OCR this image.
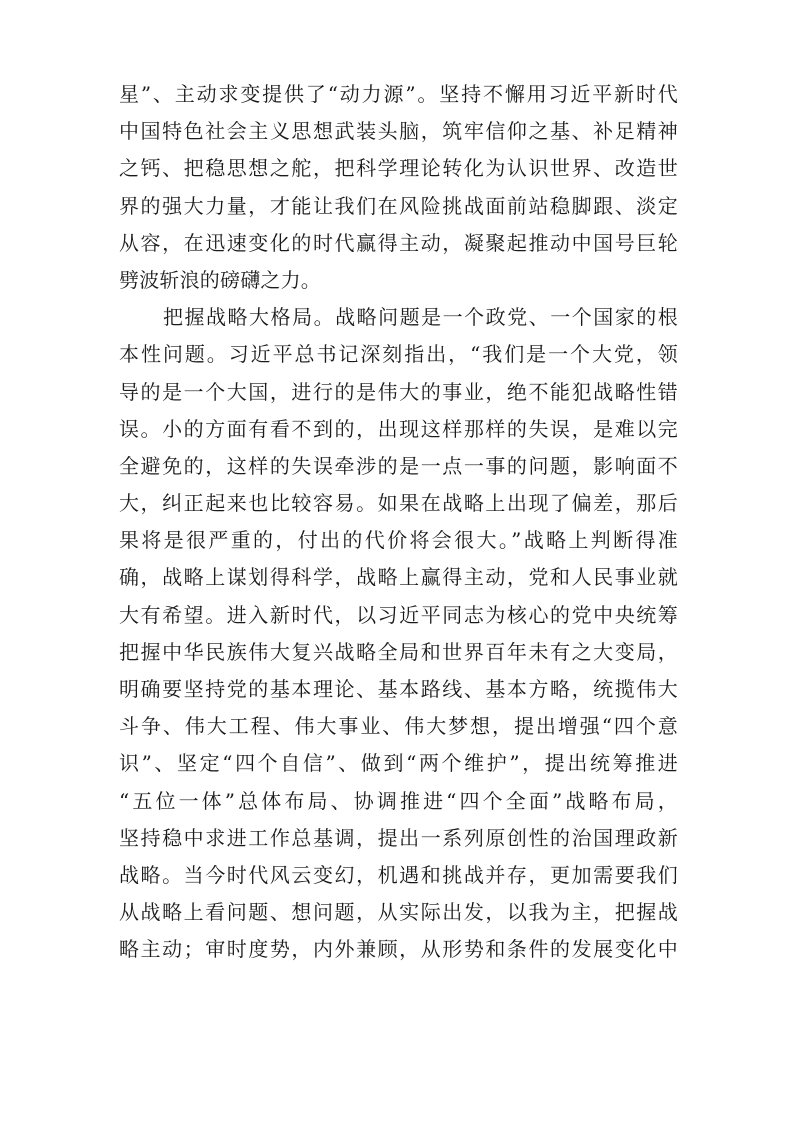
星”、主动求变提供了“动力源”。坚持不懈用习近平新时代
中国特色社会主义思想武装头脑，筑牢信仰之基、补足精神
之钙、把稳思想之舵，把科学理论转化为认识世界、改造世
界的强大力量，才能让我们在风险挑战面前站稳脚跟、淡定
从容，在迅速变化的时代赢得主动，凝聚起推动中国号巨轮
劈波斩浪的磅礴之力。
把握战略大格局。战略问题是一个政党、一个国家的根
本性问题。习近平总书记深刻指出，“我们是一个大党，领
导的是一个大国，进行的是伟大的事业，绝不能犯战略性错
误。小的方面有看不到的，出现这样那样的失误，是难以完
全避免的，这样的失误牵涉的是一点一事的问题，影响面不
大，纠正起来也比较容易。如果在战略上出现了偏差，那后
果将是很严重的，付出的代价将会很大。”战略上判断得准
确，战略上谋划得科学，战略上赢得主动，党和人民事业就
大有希望。进入新时代，以习近平同志为核心的党中央统筹
把握中华民族伟大复兴战略全局和世界百年未有之大变局，
明确要坚持党的基本理论、基本路线、基本方略，统揽伟大
斗争、伟大工程、伟大事业、伟大梦想，提出增强“四个意
识”、坚定“四个自信”、做到“两个维护”，提出统筹推进
“五位一体”总体布局、协调推进“四个全面”战略布局，
坚持稳中求进工作总基调，提出一系列原创性的治国理政新
战略。当今时代风云变幻，机遇和挑战并存，更加需要我们
从战略上看问题、想问题，从实际出发，以我为主，把握战
略主动；审时度势，内外兼顾，从形势和条件的发展变化中
